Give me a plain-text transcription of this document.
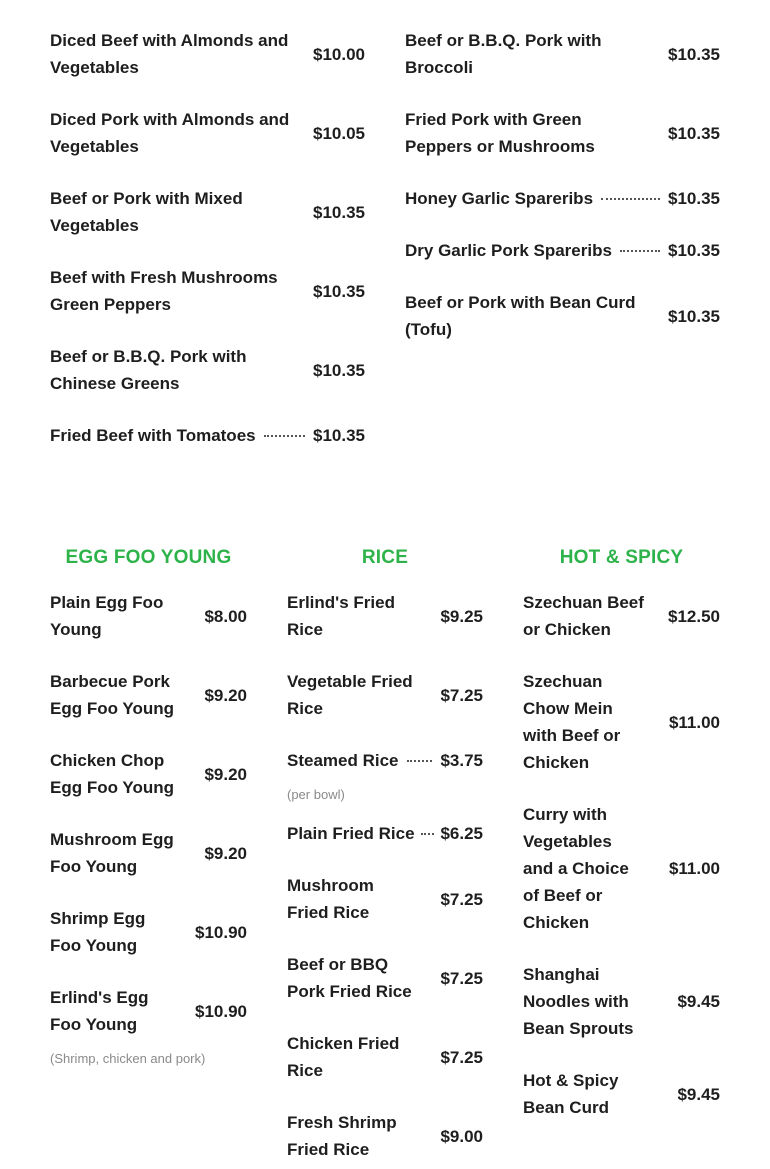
Diced Beef with Almonds and Vegetables
$10.00
Diced Pork with Almonds and Vegetables
$10.05
Beef or Pork with Mixed Vegetables
$10.35
Beef with Fresh Mushrooms Green Peppers
$10.35
Beef or B.B.Q. Pork with Chinese Greens
$10.35
Fried Beef with Tomatoes	$10.35
Beef or B.B.Q. Pork with Broccoli
$10.35
Fried Pork with Green Peppers or Mushrooms
$10.35
Honey Garlic Spareribs	$10.35
Dry Garlic Pork Spareribs	$10.35
Beef or Pork with Bean Curd (Tofu)
$10.35
EGG FOO YOUNG	RICE	HOT & SPICY
Plain Egg Foo Young
$8.00
Barbecue Pork Egg Foo Young
$9.20
Chicken Chop Egg Foo Young
$9.20
Mushroom Egg Foo Young
$9.20
Shrimp Egg Foo Young
$10.90
Erlind's Egg Foo Young
$10.90
(Shrimp, chicken and pork)
Erlind's Fried Rice
$9.25
Vegetable Fried Rice
$7.25
Steamed Rice $3.75
(per bowl)
Plain Fried Rice $6.25
Mushroom Fried Rice
$7.25
Beef or BBQ Pork Fried Rice
$7.25
Chicken Fried Rice
$7.25
Fresh Shrimp Fried Rice
$9.00
Szechuan Beef or Chicken
$12.50
Szechuan Chow Mein with Beef or Chicken
$11.00
Curry with Vegetables and a Choice of Beef or Chicken
$11.00
Shanghai Noodles with Bean Sprouts
$9.45
Hot & Spicy Bean Curd
$9.45
